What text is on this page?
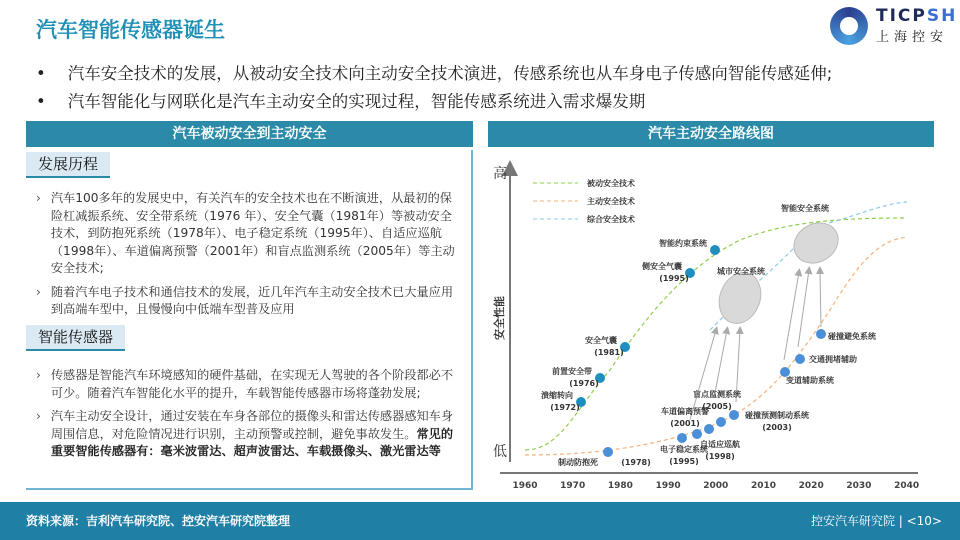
汽车智能传感器诞生
TICPSH
上海控安
• 汽车安全技术的发展，从被动安全技术向主动安全技术演进，传感系统也从车身电子传感向智能传感延伸;
• 汽车智能化与网联化是汽车主动安全的实现过程，智能传感系统进入需求爆发期
汽车被动安全到主动安全	汽车主动安全路线图
发展历程
› 汽车100多年的发展史中，有关汽车的安全技术也在不断演进，从最初的保险杠减振系统、安全带系统（1976 年）、安全气囊（1981年）等被动安全技术，到防抱死系统（1978年）、电子稳定系统（1995年）、自适应巡航（1998年）、车道偏离预警（2001年）和盲点监测系统（2005年）等主动安全技术;
› 随着汽车电子技术和通信技术的发展，近几年汽车主动安全技术已大量应用到高端车型中，且慢慢向中低端车型普及应用
智能传感器
› 传感器是智能汽车环境感知的硬件基础，在实现无人驾驶的各个阶段都必不可少。随着汽车智能化水平的提升，车载智能传感器市场将蓬勃发展;
› 汽车主动安全设计，通过安装在车身各部位的摄像头和雷达传感器感知车身周围信息，对危险情况进行识别，主动预警或控制，避免事故发生。常见的重要智能传感器有：毫米波雷达、超声波雷达、车载摄像头、激光雷达等
1960	1970	1980	1990	2000	2010	2020	2030	2040
高
低
安全性能
被动安全技术
主动安全技术
综合安全技术
城市安全系统
智能安全系统
溃缩转向
(1972)
前置安全带
(1976)
安全气囊
(1981)
侧安全气囊
(1995)
智能约束系统
制动防抱死	(1978)
电子稳定系统
(1995)
自适应巡航
(1998)
车道偏离预警
(2001)
盲点监测系统
(2005)
碰撞预测制动系统
(2003)
变道辅助系统
交通拥堵辅助
碰撞避免系统
资料来源：吉利汽车研究院、控安汽车研究院整理	控安汽车研究院 | <10>
